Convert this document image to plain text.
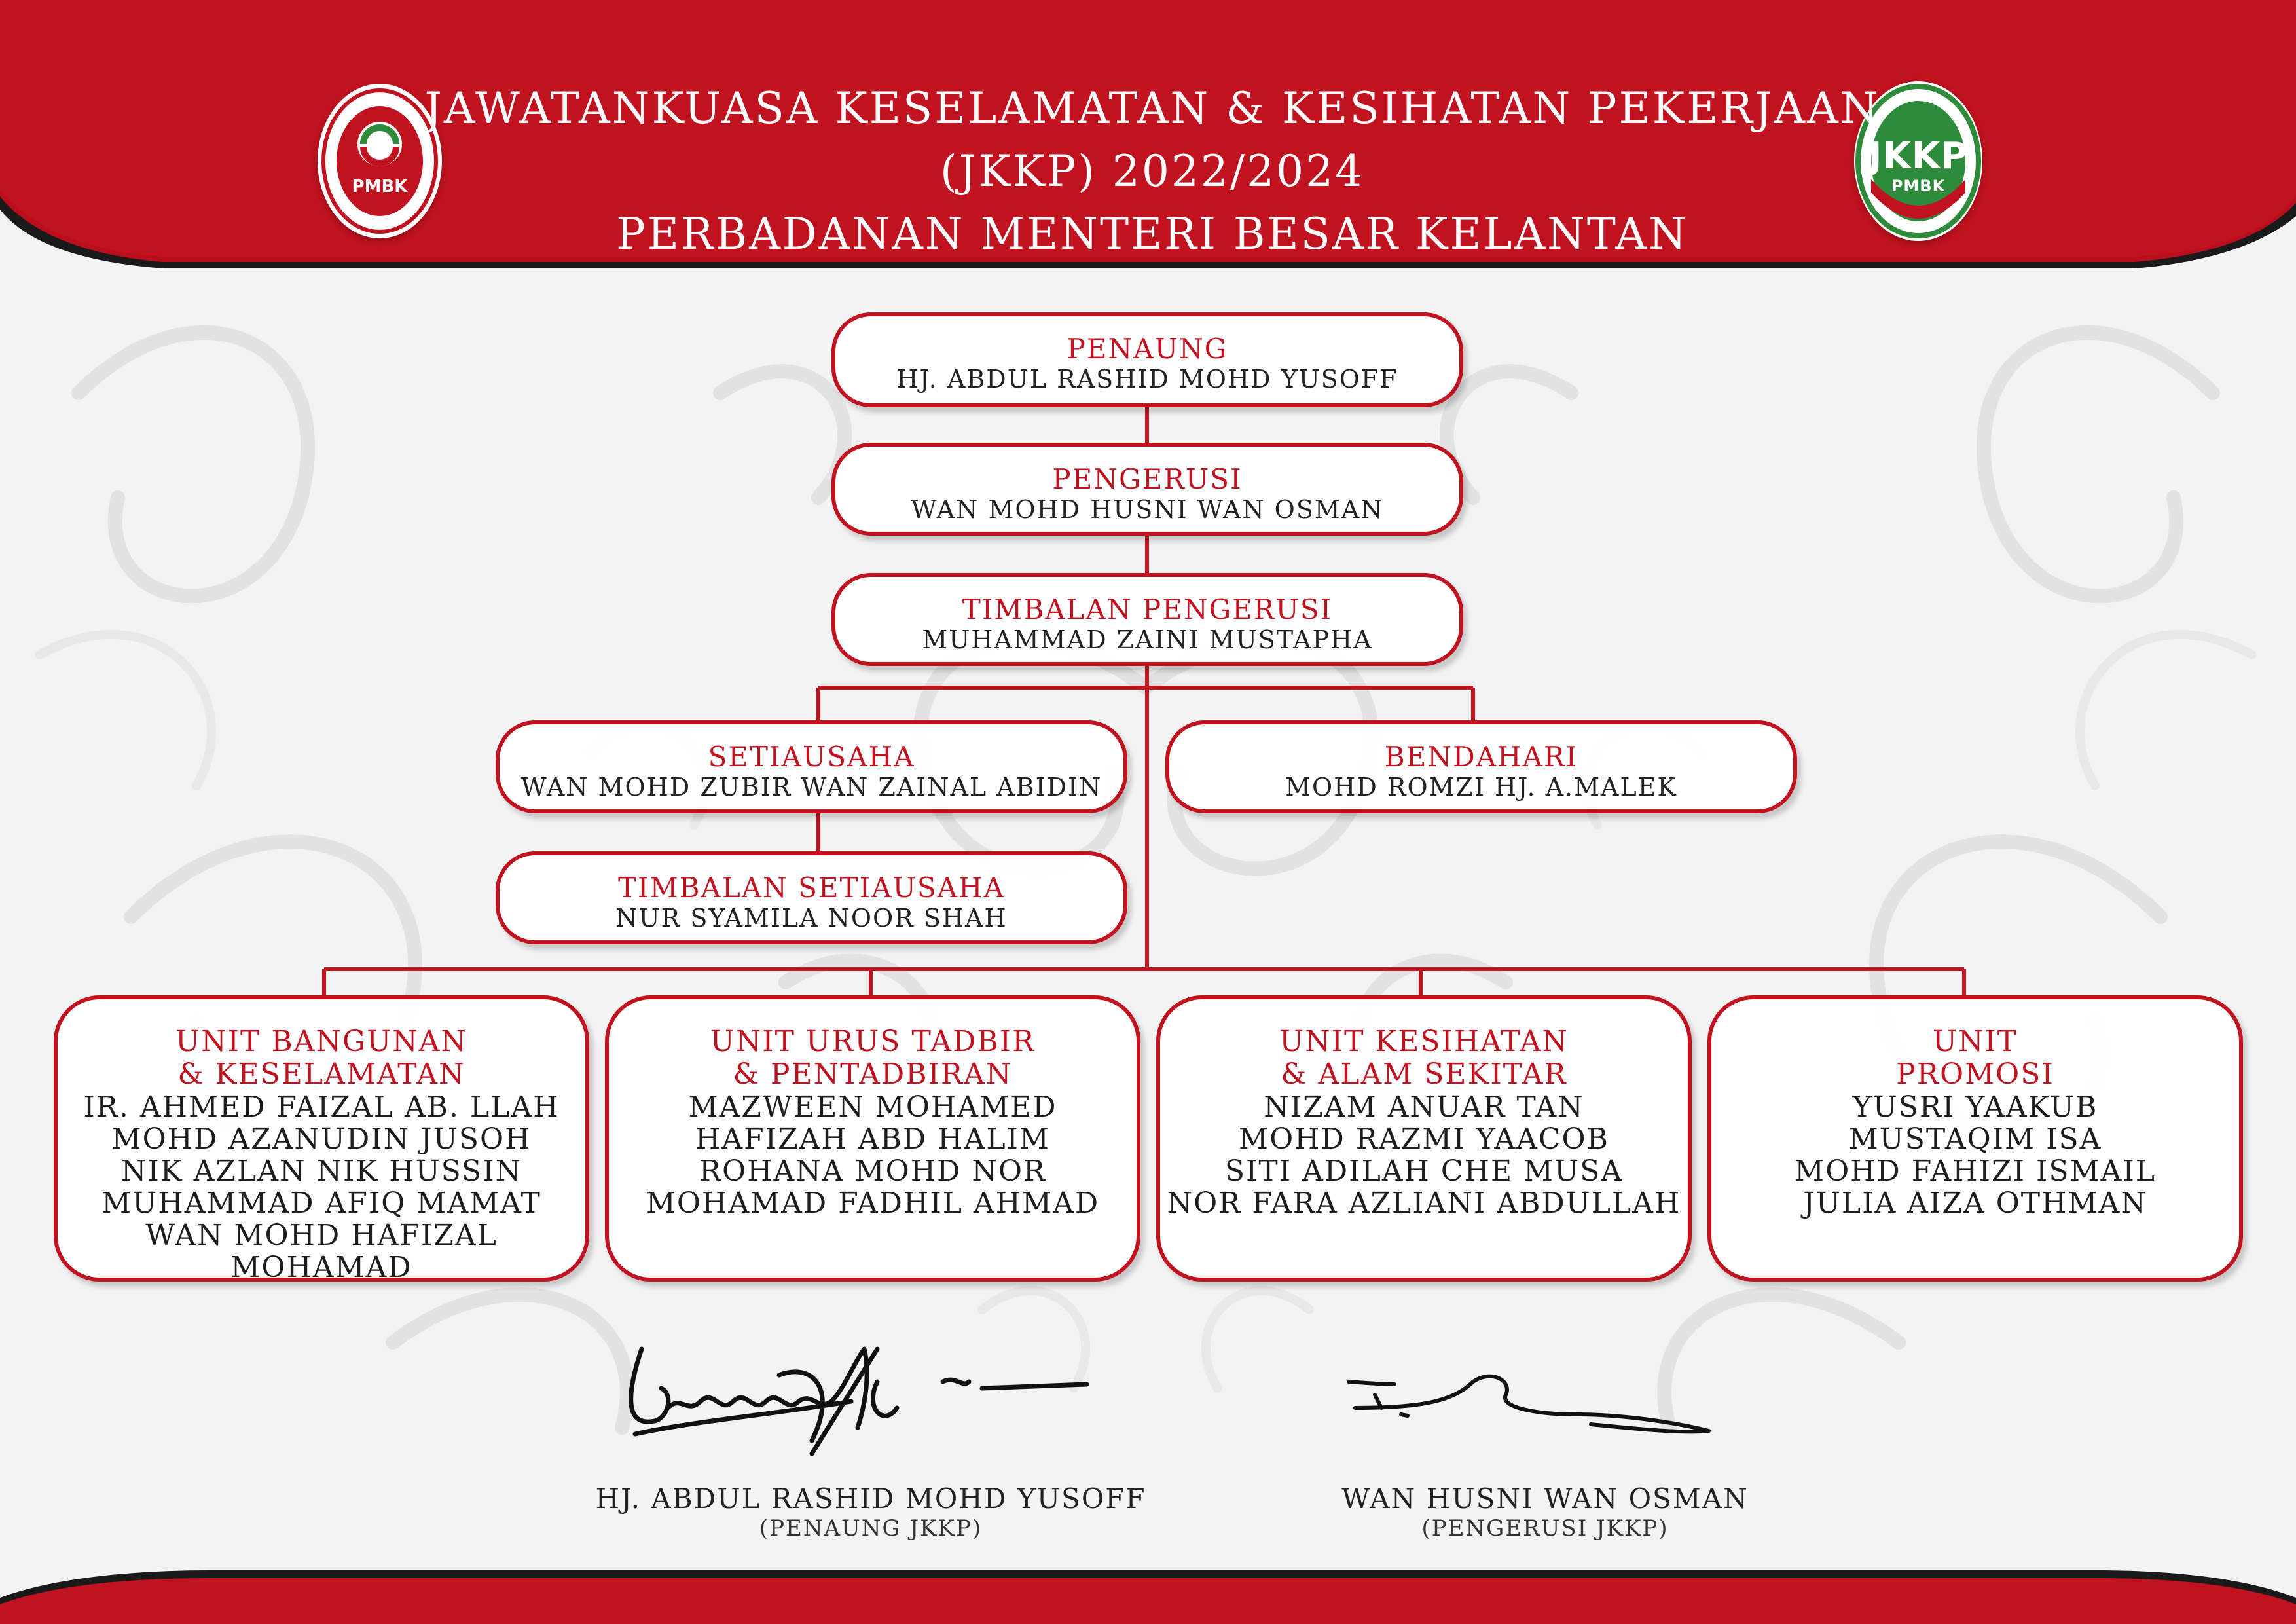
PMBK
JKKP
PMBK
JAWATANKUASA KESELAMATAN & KESIHATAN PEKERJAAN
(JKKP) 2022/2024
PERBADANAN MENTERI BESAR KELANTAN
PENAUNG
HJ. ABDUL RASHID MOHD YUSOFF
PENGERUSI
WAN MOHD HUSNI WAN OSMAN
TIMBALAN PENGERUSI
MUHAMMAD ZAINI MUSTAPHA
SETIAUSAHA
WAN MOHD ZUBIR WAN ZAINAL ABIDIN
BENDAHARI
MOHD ROMZI HJ. A.MALEK
TIMBALAN SETIAUSAHA
NUR SYAMILA NOOR SHAH
UNIT BANGUNAN
& KESELAMATAN
IR. AHMED FAIZAL AB. LLAH
MOHD AZANUDIN JUSOH
NIK AZLAN NIK HUSSIN
MUHAMMAD AFIQ MAMAT
WAN MOHD HAFIZAL MOHAMAD
UNIT URUS TADBIR
& PENTADBIRAN
MAZWEEN MOHAMED
HAFIZAH ABD HALIM
ROHANA MOHD NOR
MOHAMAD FADHIL AHMAD
UNIT KESIHATAN
& ALAM SEKITAR
NIZAM ANUAR TAN
MOHD RAZMI YAACOB
SITI ADILAH CHE MUSA
NOR FARA AZLIANI ABDULLAH
UNIT
PROMOSI
YUSRI YAAKUB
MUSTAQIM ISA
MOHD FAHIZI ISMAIL
JULIA AIZA OTHMAN
HJ. ABDUL RASHID MOHD YUSOFF
(PENAUNG JKKP)
WAN HUSNI WAN OSMAN
(PENGERUSI JKKP)
